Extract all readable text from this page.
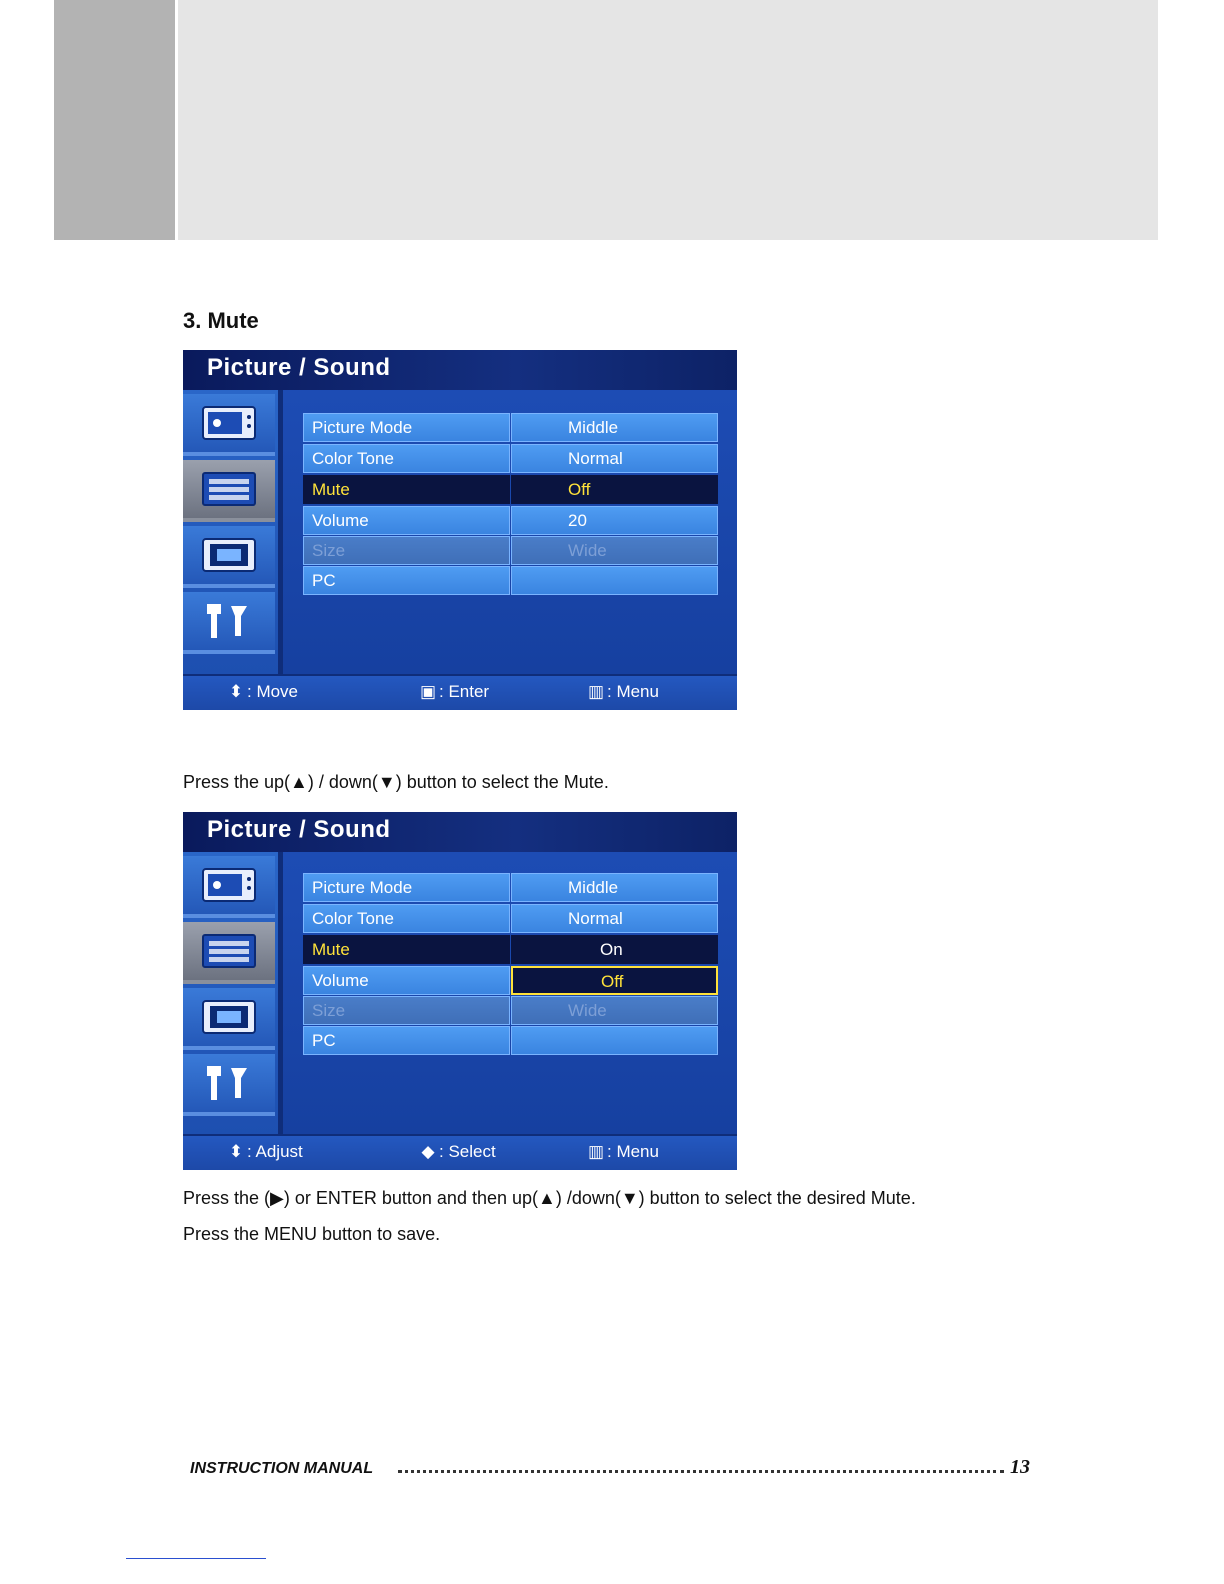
3. Mute
Picture / Sound
Picture Mode	Middle
Color Tone	Normal
Mute	Off
Volume	20
Size	Wide
PC
⬍ : Move	▣ : Enter	▥ : Menu
Press the up(▲) / down(▼) button to select the Mute.
Picture / Sound
Picture Mode	Middle
Color Tone	Normal
Mute	On
Volume	Off
Size	Wide
PC
⬍ : Adjust	◆ : Select	▥ : Menu
Press the (▶) or ENTER button and then up(▲) /down(▼) button to select the desired Mute.
Press the MENU button to save.
INSTRUCTION MANUAL	13
